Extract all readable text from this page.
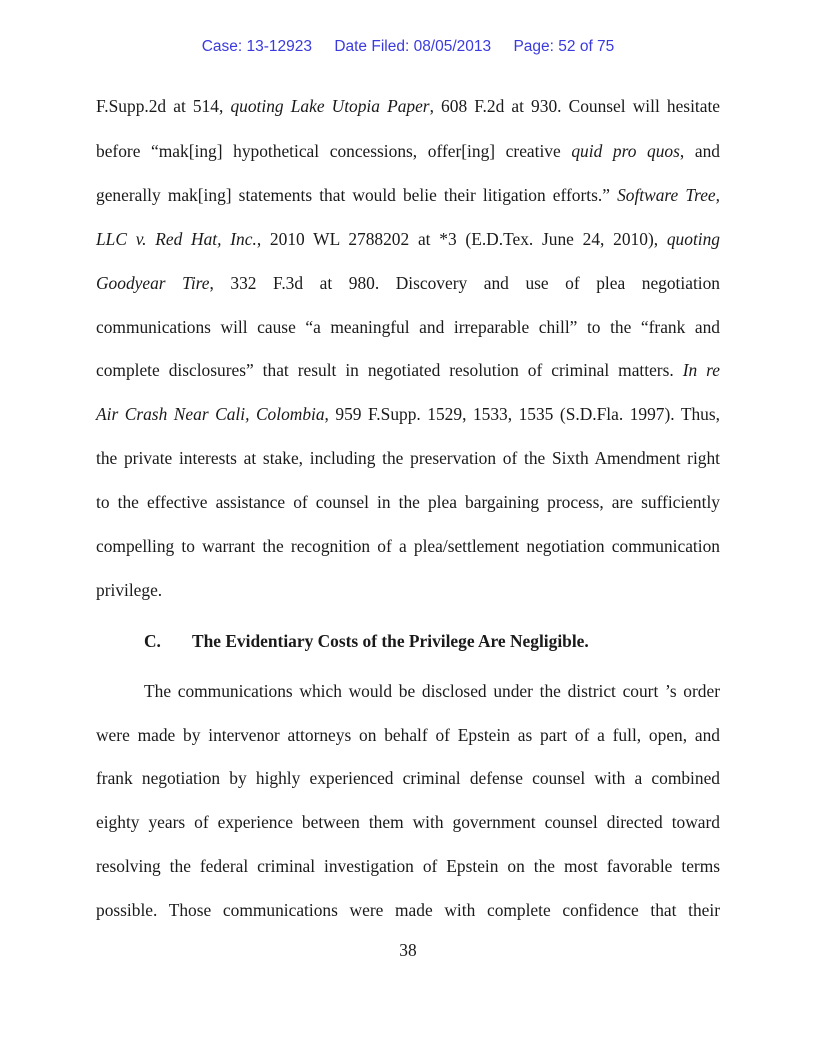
Case: 13-12923 Date Filed: 08/05/2013 Page: 52 of 75
F.Supp.2d at 514, quoting Lake Utopia Paper, 608 F.2d at 930. Counsel will hesitate
before “mak[ing] hypothetical concessions, offer[ing] creative quid pro quos, and
generally mak[ing] statements that would belie their litigation efforts.” Software Tree,
LLC v. Red Hat, Inc., 2010 WL 2788202 at *3 (E.D.Tex. June 24, 2010), quoting
Goodyear Tire, 332 F.3d at 980. Discovery and use of plea negotiation
communications will cause “a meaningful and irreparable chill” to the “frank and
complete disclosures” that result in negotiated resolution of criminal matters. In re
Air Crash Near Cali, Colombia, 959 F.Supp. 1529, 1533, 1535 (S.D.Fla. 1997). Thus,
the private interests at stake, including the preservation of the Sixth Amendment right
to the effective assistance of counsel in the plea bargaining process, are sufficiently
compelling to warrant the recognition of a plea/settlement negotiation communication
privilege.
C. The Evidentiary Costs of the Privilege Are Negligible.
The communications which would be disclosed under the district court ’s order
were made by intervenor attorneys on behalf of Epstein as part of a full, open, and
frank negotiation by highly experienced criminal defense counsel with a combined
eighty years of experience between them with government counsel directed toward
resolving the federal criminal investigation of Epstein on the most favorable terms
possible. Those communications were made with complete confidence that their
38
